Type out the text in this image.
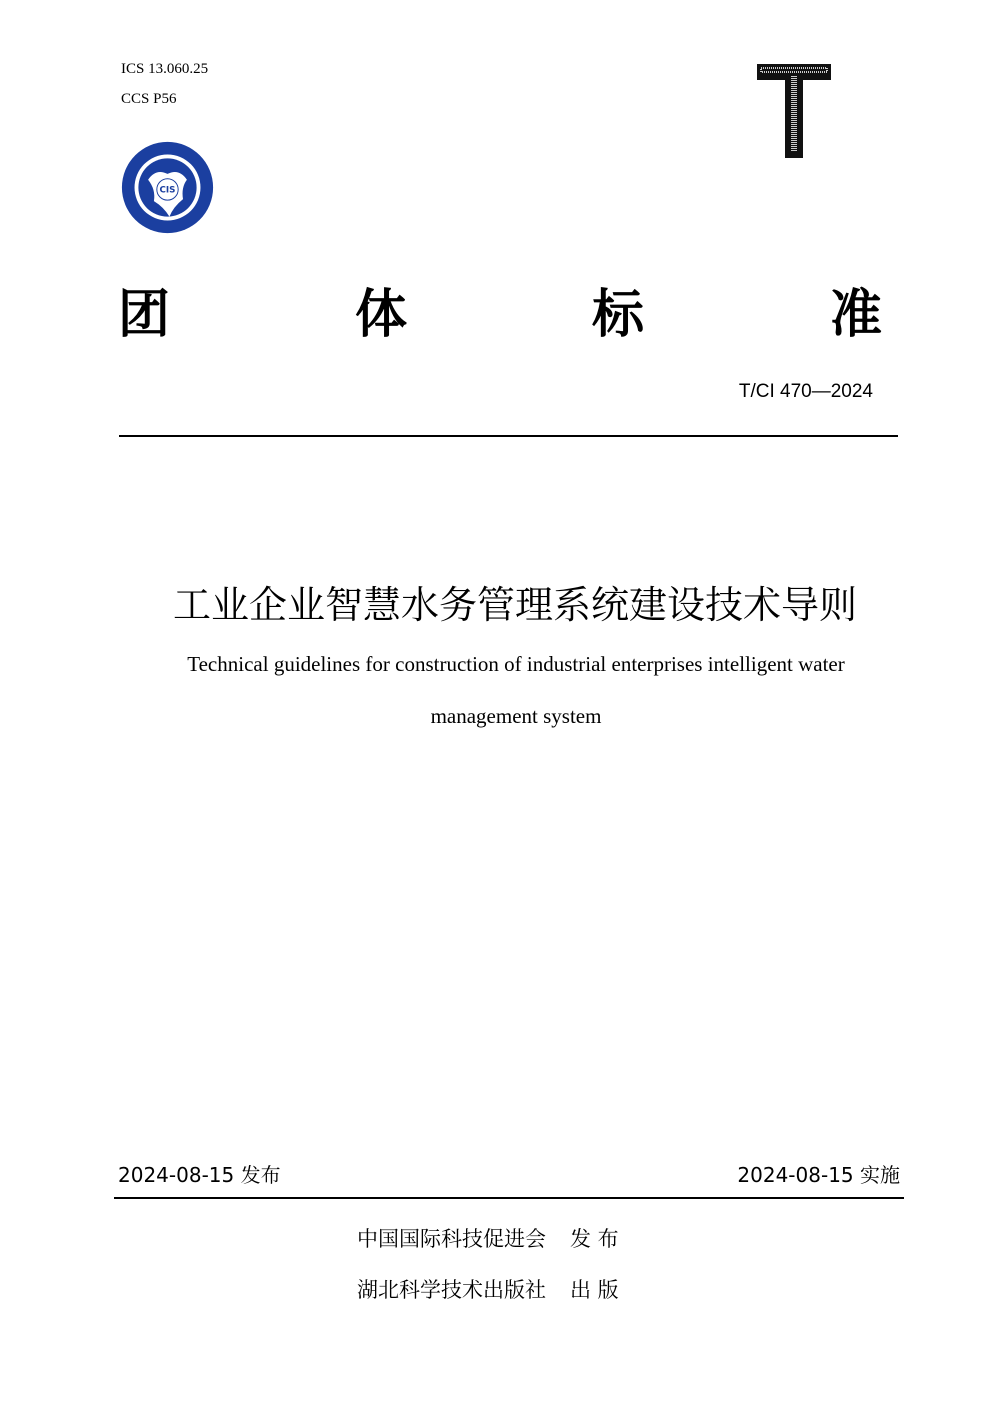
ICS 13.060.25
CCS P56
CIS
团	体	标	准
T/CI 470—2024
工业企业智慧水务管理系统建设技术导则
Technical guidelines for construction of industrial enterprises intelligent water
management system
2024-08-15 发布	2024-08-15 实施
中国国际科技促进会 发 布
湖北科学技术出版社 出 版
